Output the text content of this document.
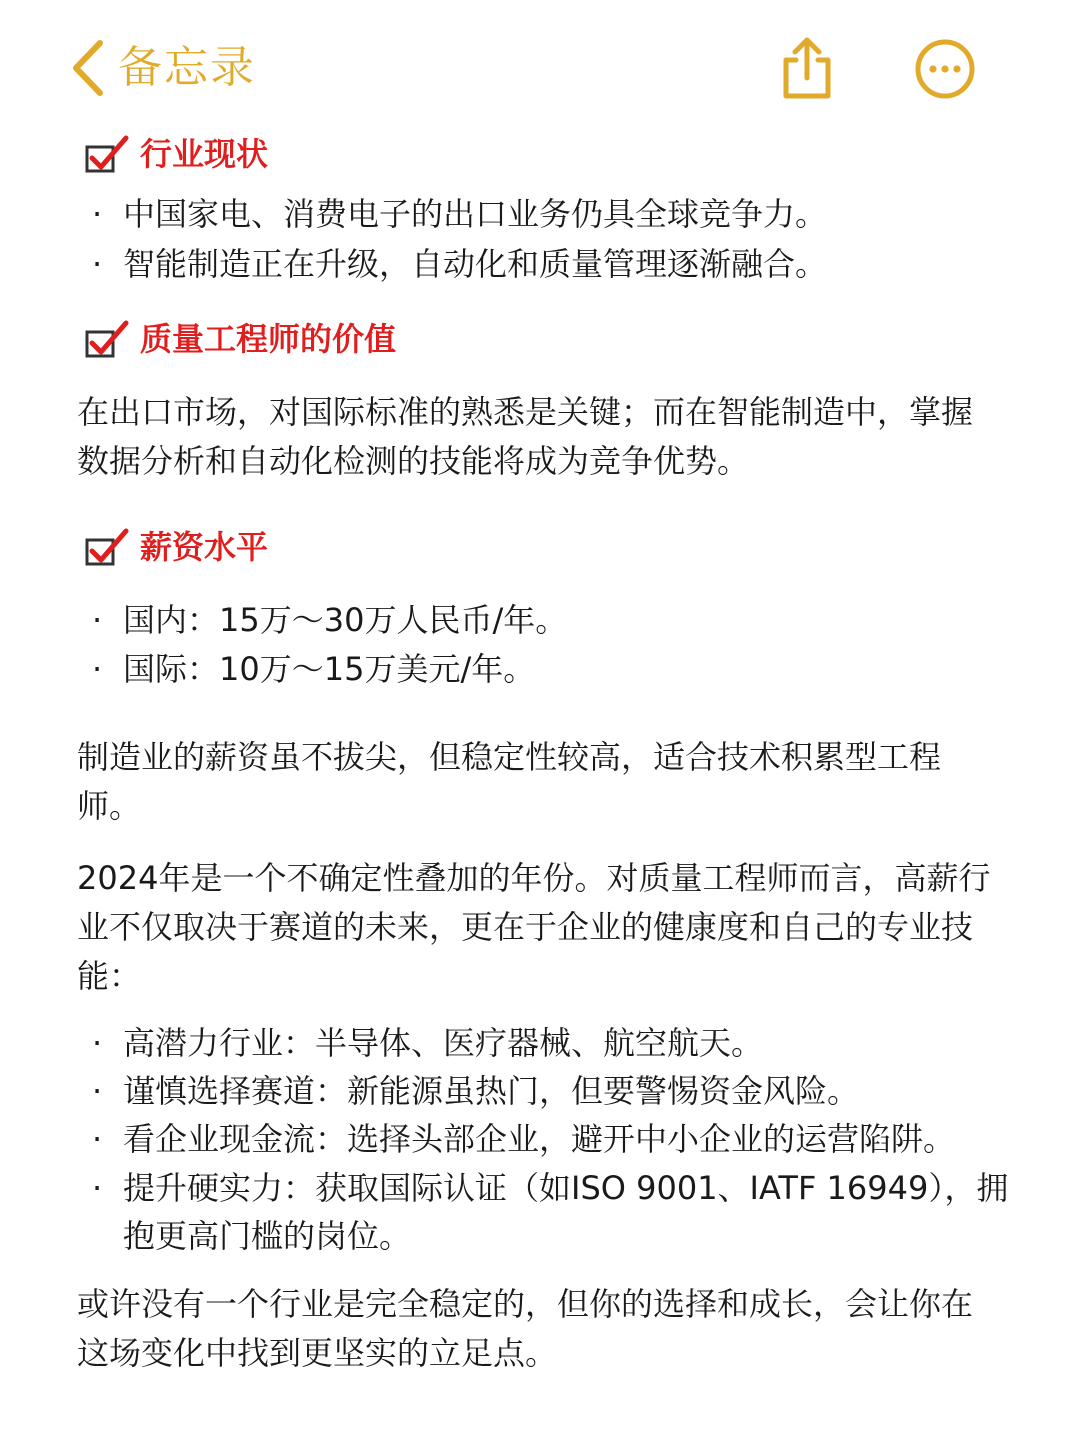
备忘录
行业现状
· 中国家电、消费电子的出口业务仍具全球竞争力。
· 智能制造正在升级，自动化和质量管理逐渐融合。
质量工程师的价值
在出口市场，对国际标准的熟悉是关键；而在智能制造中，掌握数据分析和自动化检测的技能将成为竞争优势。
薪资水平
· 国内：15万～30万人民币/年。
· 国际：10万～15万美元/年。
制造业的薪资虽不拔尖，但稳定性较高，适合技术积累型工程师。
2024年是一个不确定性叠加的年份。对质量工程师而言，高薪行业不仅取决于赛道的未来，更在于企业的健康度和自己的专业技能：
· 高潜力行业：半导体、医疗器械、航空航天。
· 谨慎选择赛道：新能源虽热门，但要警惕资金风险。
· 看企业现金流：选择头部企业，避开中小企业的运营陷阱。
· 提升硬实力：获取国际认证（如ISO 9001、IATF 16949），拥抱更高门槛的岗位。
或许没有一个行业是完全稳定的，但你的选择和成长，会让你在这场变化中找到更坚实的立足点。
